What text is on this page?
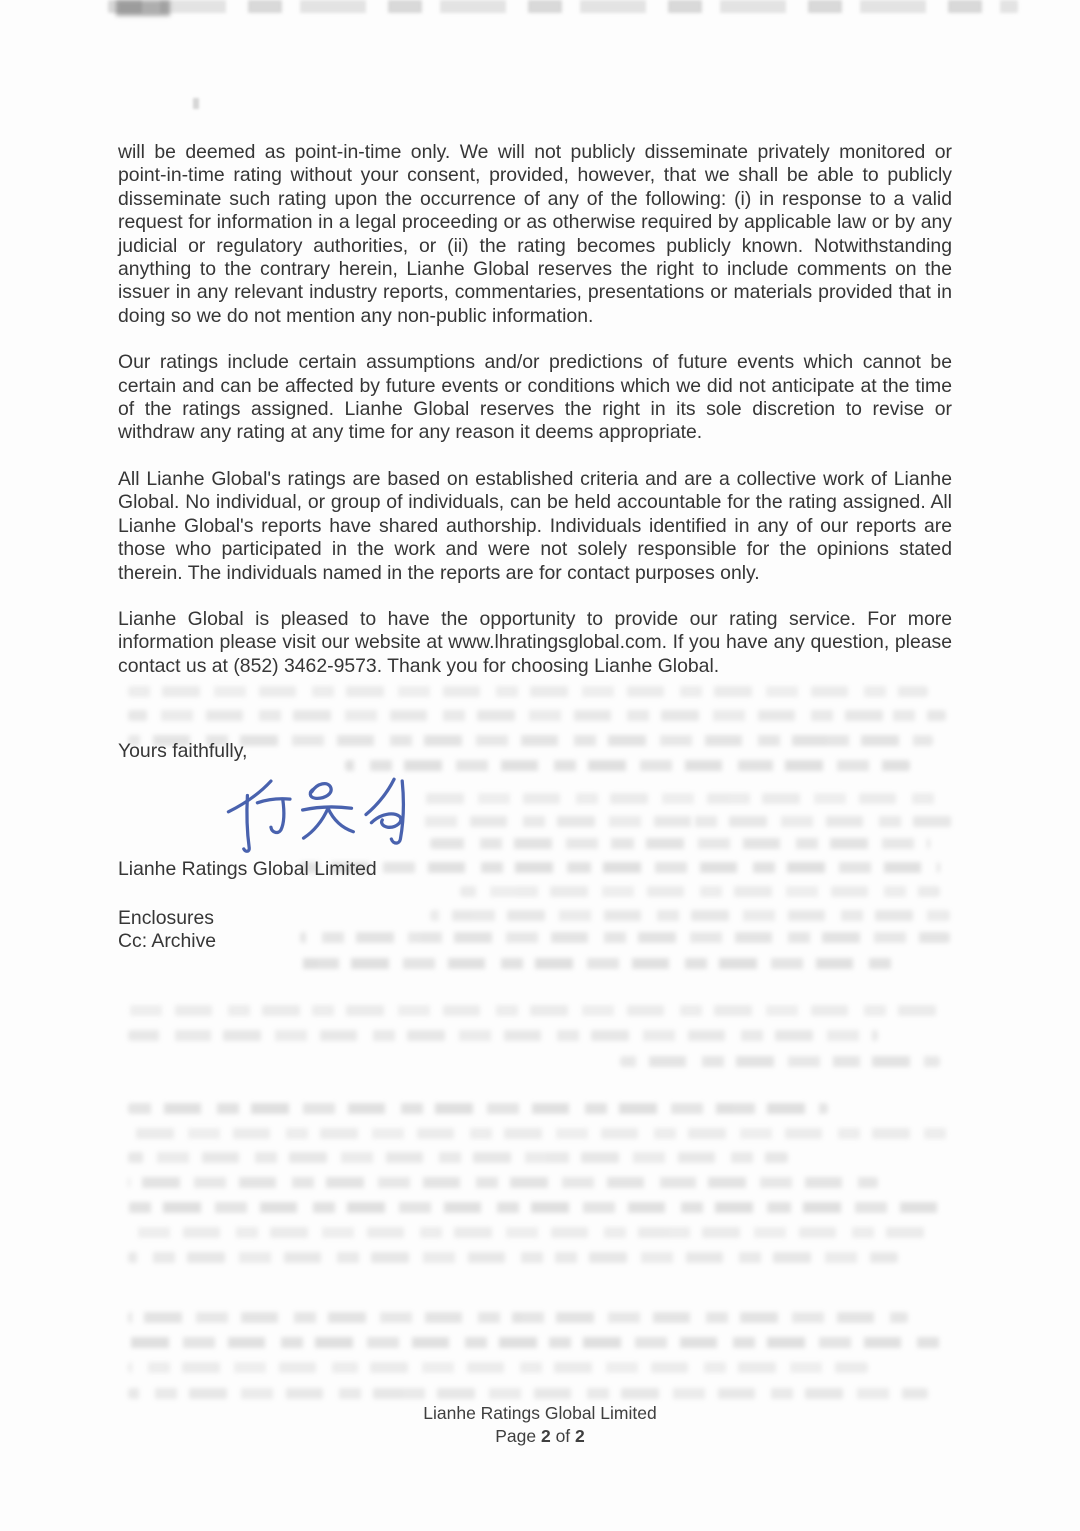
will be deemed as point-in-time only. We will not publicly disseminate privately monitored or point-in-time rating without your consent, provided, however, that we shall be able to publicly disseminate such rating upon the occurrence of any of the following: (i) in response to a valid request for information in a legal proceeding or as otherwise required by applicable law or by any judicial or regulatory authorities, or (ii) the rating becomes publicly known. Notwithstanding anything to the contrary herein, Lianhe Global reserves the right to include comments on the issuer in any relevant industry reports, commentaries, presentations or materials provided that in doing so we do not mention any non-public information.

Our ratings include certain assumptions and/or predictions of future events which cannot be certain and can be affected by future events or conditions which we did not anticipate at the time of the ratings assigned. Lianhe Global reserves the right in its sole discretion to revise or withdraw any rating at any time for any reason it deems appropriate.

All Lianhe Global's ratings are based on established criteria and are a collective work of Lianhe Global. No individual, or group of individuals, can be held accountable for the rating assigned. All Lianhe Global's reports have shared authorship. Individuals identified in any of our reports are those who participated in the work and were not solely responsible for the opinions stated therein. The individuals named in the reports are for contact purposes only.

Lianhe Global is pleased to have the opportunity to provide our rating service. For more information please visit our website at www.lhratingsglobal.com. If you have any question, please contact us at (852) 3462-9573. Thank you for choosing Lianhe Global.

Yours faithfully,
Lianhe Ratings Global Limited
Enclosures
Cc: Archive
Lianhe Ratings Global Limited
Page 2 of 2
